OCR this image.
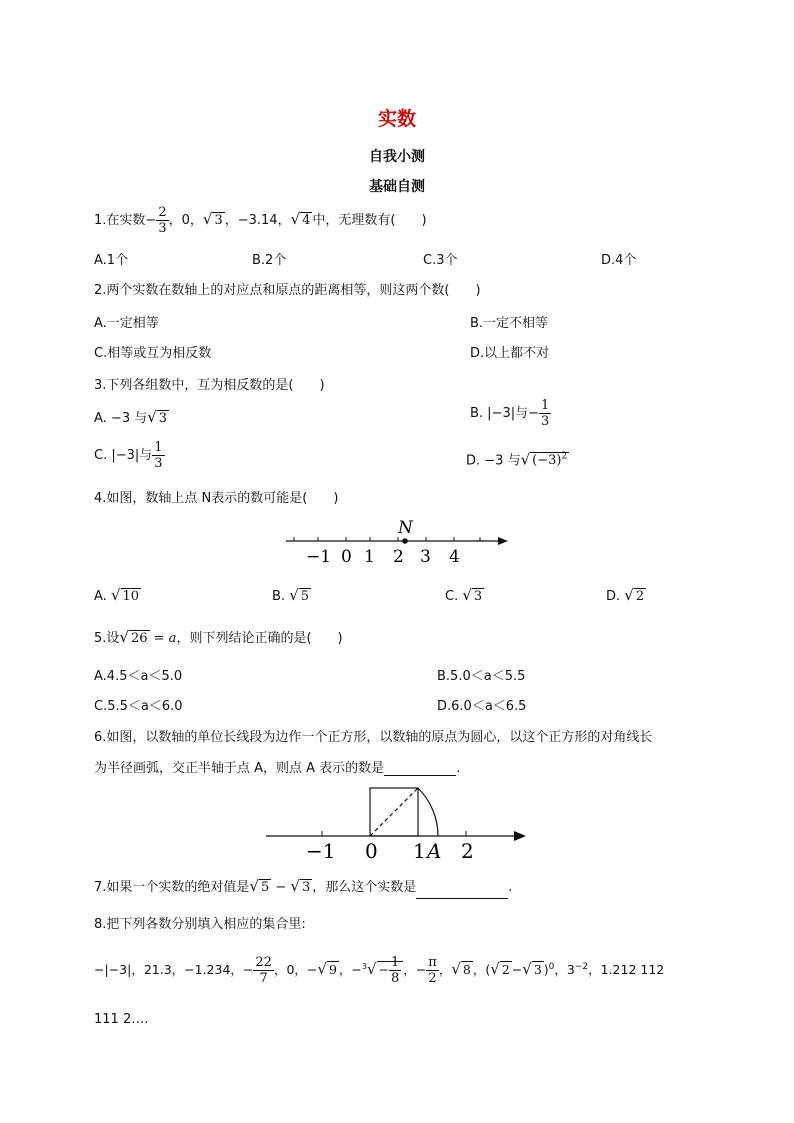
实数
自我小测
基础自测
1.在实数− $\frac{2}{3}$ ，0，√ 3 ，−3.14，√ 4 中，无理数有(　　)
A.1个	B.2个	C.3个	D.4个
2.两个实数在数轴上的对应点和原点的距离相等，则这两个数(　　)
A.一定相等	B.一定不相等
C.相等或互为相反数	D.以上都不对
3.下列各组数中，互为相反数的是(　　)
A. −3 与√ 3	B. |−3|与− $\frac{1}{3}$
C. |−3|与 $\frac{1}{3}$	D. −3 与√ $(-3)^2$
4.如图，数轴上点 N表示的数可能是(　　)
N
−1 0 1 2 3 4
A. √ 10	B. √ 5	C. √ 3	D. √ 2
5.设√ 26 = a，则下列结论正确的是(　　)
A.4.5＜a＜5.0	B.5.0＜a＜5.5
C.5.5＜a＜6.0	D.6.0＜a＜6.5
6.如图，以数轴的单位长线段为边作一个正方形，以数轴的原点为圆心，以这个正方形的对角线长
为半径画弧，交正半轴于点 A，则点 A 表示的数是	.
−1 0 1 A 2
7.如果一个实数的绝对值是√ 5 − √ 3 ，那么这个实数是	.
8.把下列各数分别填入相应的集合里:
−|−3|，21.3，−1.234，− $\frac{22}{7}$ ，0，−√ 9 ，$-^3√ - \frac{1}{8}$ ，− $\frac{\pi}{2}$ ，√ 8 ，(√ 2 −√ 3 )$^0$，$3^{-2}$，1.212 112
111 2….
